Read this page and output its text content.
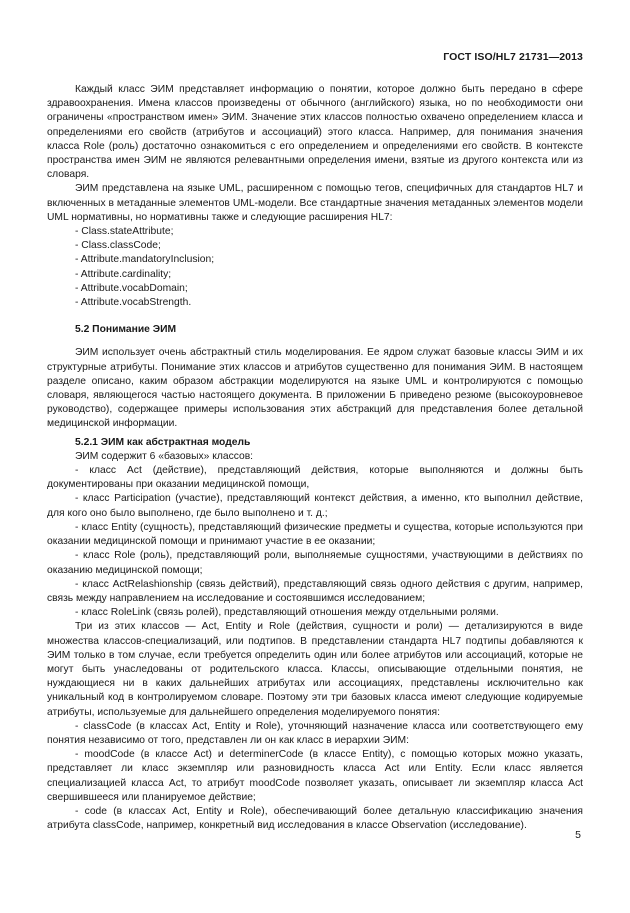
ГОСТ ISO/HL7 21731—2013

Каждый класс ЭИМ представляет информацию о понятии, которое должно быть передано в сфере здравоохранения. Имена классов произведены от обычного (английского) языка, но по необходимости они ограничены «пространством имен» ЭИМ. Значение этих классов полностью охвачено определением класса и определениями его свойств (атрибутов и ассоциаций) этого класса. Например, для понимания значения класса Role (роль) достаточно ознакомиться с его определением и определениями его свойств. В контексте пространства имен ЭИМ не являются релевантными определения имени, взятые из другого контекста или из словаря.

ЭИМ представлена на языке UML, расширенном с помощью тегов, специфичных для стандартов HL7 и включенных в метаданные элементов UML-модели. Все стандартные значения метаданных элементов модели UML нормативны, но нормативны также и следующие расширения HL7:

- Class.stateAttribute;

- Class.classCode;

- Attribute.mandatoryInclusion;

- Attribute.cardinality;

- Attribute.vocabDomain;

- Attribute.vocabStrength.

5.2 Понимание ЭИМ

ЭИМ использует очень абстрактный стиль моделирования. Ее ядром служат базовые классы ЭИМ и их структурные атрибуты. Понимание этих классов и атрибутов существенно для понимания ЭИМ. В настоящем разделе описано, каким образом абстракции моделируются на языке UML и контролируются с помощью словаря, являющегося частью настоящего документа. В приложении Б приведено резюме (высокоуровневое руководство), содержащее примеры использования этих абстракций для представления более детальной медицинской информации.

5.2.1 ЭИМ как абстрактная модель

ЭИМ содержит 6 «базовых» классов:

- класс Act (действие), представляющий действия, которые выполняются и должны быть документированы при оказании медицинской помощи,

- класс Participation (участие), представляющий контекст действия, а именно, кто выполнил действие, для кого оно было выполнено, где было выполнено и т. д.;

- класс Entity (сущность), представляющий физические предметы и существа, которые используются при оказании медицинской помощи и принимают участие в ее оказании;

- класс Role (роль), представляющий роли, выполняемые сущностями, участвующими в действиях по оказанию медицинской помощи;

- класс ActRelashionship (связь действий), представляющий связь одного действия с другим, например, связь между направлением на исследование и состоявшимся исследованием;

- класс RoleLink (связь ролей), представляющий отношения между отдельными ролями.

Три из этих классов — Act, Entity и Role (действия, сущности и роли) — детализируются в виде множества классов-специализаций, или подтипов. В представлении стандарта HL7 подтипы добавляются к ЭИМ только в том случае, если требуется определить один или более атрибутов или ассоциаций, которые не могут быть унаследованы от родительского класса. Классы, описывающие отдельными понятия, не нуждающиеся ни в каких дальнейших атрибутах или ассоциациях, представлены исключительно как уникальный код в контролируемом словаре. Поэтому эти три базовых класса имеют следующие кодируемые атрибуты, используемые для дальнейшего определения моделируемого понятия:

- classCode (в классах Act, Entity и Role), уточняющий назначение класса или соответствующего ему понятия независимо от того, представлен ли он как класс в иерархии ЭИМ:

- moodCode (в классе Act) и determinerCode (в классе Entity), с помощью которых можно указать, представляет ли класс экземпляр или разновидность класса Act или Entity. Если класс является специализацией класса Act, то атрибут moodCode позволяет указать, описывает ли экземпляр класса Act свершившееся или планируемое действие;

- code (в классах Act, Entity и Role), обеспечивающий более детальную классификацию значения атрибута classCode, например, конкретный вид исследования в классе Observation (исследование).

5
